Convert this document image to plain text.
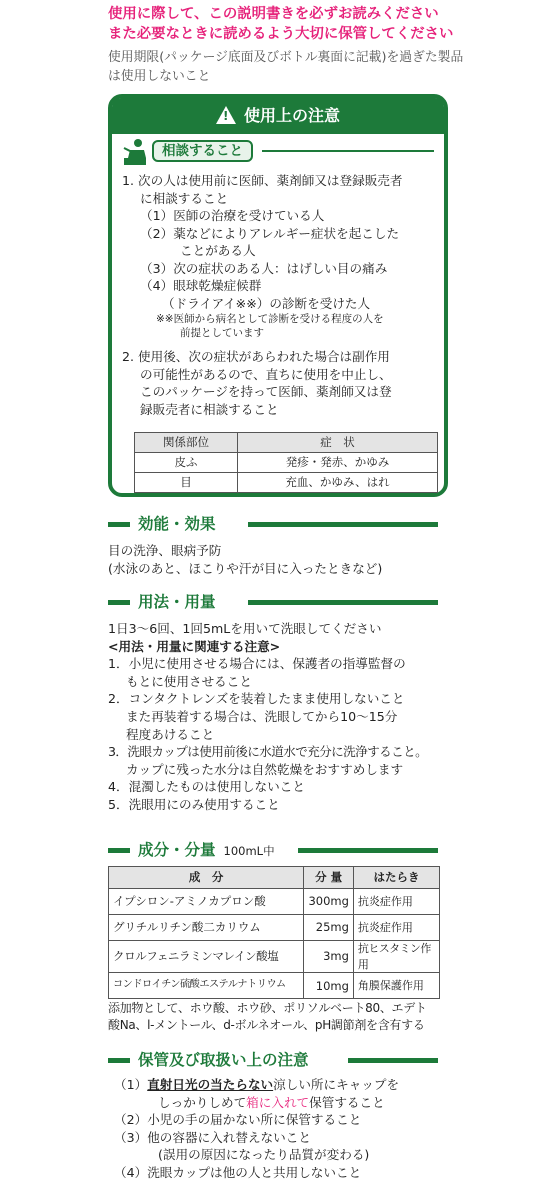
使用に際して、この説明書きを必ずお読みください
また必要なときに読めるよう大切に保管してください
使用期限(パッケージ底面及びボトル裏面に記載)を過ぎた製品
は使用しないこと
!使用上の注意
相談すること
1. 次の人は使用前に医師、薬剤師又は登録販売者
に相談すること
（1）医師の治療を受けている人
（2）薬などによりアレルギー症状を起こした
ことがある人
（3）次の症状のある人：はげしい目の痛み
（4）眼球乾燥症候群
（ドライアイ※※）の診断を受けた人
※※医師から病名として診断を受ける程度の人を
前提としています
2. 使用後、次の症状があらわれた場合は副作用
の可能性があるので、直ちに使用を中止し、
このパッケージを持って医師、薬剤師又は登
録販売者に相談すること
関係部位	症　状
皮ふ	発疹・発赤、かゆみ
目	充血、かゆみ、はれ
効能・効果
目の洗浄、眼病予防
(水泳のあと、ほこりや汗が目に入ったときなど)
用法・用量
1日3〜6回、1回5mLを用いて洗眼してください
<用法・用量に関連する注意>
1．小児に使用させる場合には、保護者の指導監督の
もとに使用させること
2．コンタクトレンズを装着したまま使用しないこと
また再装着する場合は、洗眼してから10〜15分
程度あけること
3．洗眼カップは使用前後に水道水で充分に洗浄すること。
カップに残った水分は自然乾燥をおすすめします
4．混濁したものは使用しないこと
5．洗眼用にのみ使用すること
成分・分量 100mL中
成　分	分 量	はたらき
イプシロン-アミノカプロン酸	300mg	抗炎症作用
グリチルリチン酸二カリウム	25mg	抗炎症作用
クロルフェニラミンマレイン酸塩	3mg	抗ヒスタミン作用
コンドロイチン硫酸エステルナトリウム	10mg	角膜保護作用
添加物として、ホウ酸、ホウ砂、ポリソルベート80、エデト
酸Na、l-メントール、d-ボルネオール、pH調節剤を含有する
保管及び取扱い上の注意
（1）直射日光の当たらない涼しい所にキャップを
しっかりしめて箱に入れて保管すること
（2）小児の手の届かない所に保管すること
（3）他の容器に入れ替えないこと
(誤用の原因になったり品質が変わる)
（4）洗眼カップは他の人と共用しないこと
